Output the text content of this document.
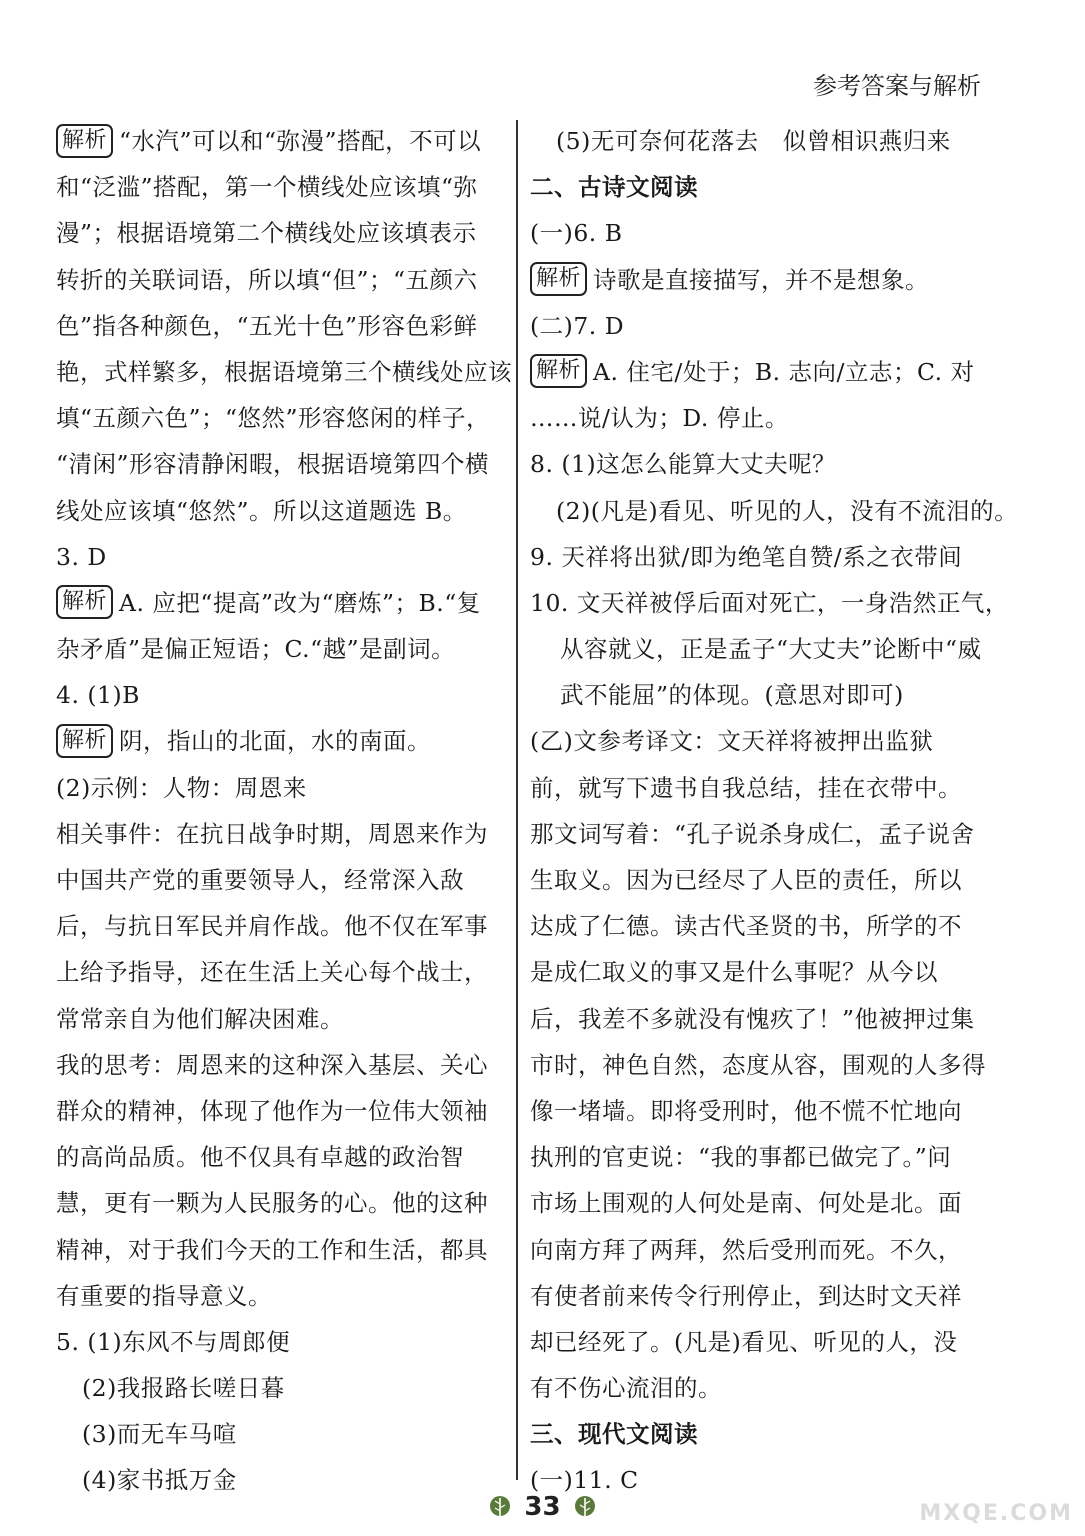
参考答案与解析
解析 “水汽”可以和“弥漫”搭配，不可以
和“泛滥”搭配，第一个横线处应该填“弥
漫”；根据语境第二个横线处应该填表示
转折的关联词语，所以填“但”；“五颜六
色”指各种颜色，“五光十色”形容色彩鲜
艳，式样繁多，根据语境第三个横线处应该
填“五颜六色”；“悠然”形容悠闲的样子，
“清闲”形容清静闲暇，根据语境第四个横
线处应该填“悠然”。所以这道题选 B。
3. D
解析 A. 应把“提高”改为“磨炼”；B.“复
杂矛盾”是偏正短语；C.“越”是副词。
4. (1)B
解析 阴，指山的北面，水的南面。
(2)示例：人物：周恩来
相关事件：在抗日战争时期，周恩来作为
中国共产党的重要领导人，经常深入敌
后，与抗日军民并肩作战。他不仅在军事
上给予指导，还在生活上关心每个战士，
常常亲自为他们解决困难。
我的思考：周恩来的这种深入基层、关心
群众的精神，体现了他作为一位伟大领袖
的高尚品质。他不仅具有卓越的政治智
慧，更有一颗为人民服务的心。他的这种
精神，对于我们今天的工作和生活，都具
有重要的指导意义。
5. (1)东风不与周郎便
(2)我报路长嗟日暮
(3)而无车马喧
(4)家书抵万金
(5)无可奈何花落去　似曾相识燕归来
二、古诗文阅读
(一)6. B
解析 诗歌是直接描写，并不是想象。
(二)7. D
解析 A. 住宅/处于；B. 志向/立志；C. 对
……说/认为；D. 停止。
8. (1)这怎么能算大丈夫呢？
(2)(凡是)看见、听见的人，没有不流泪的。
9. 天祥将出狱/即为绝笔自赞/系之衣带间
10. 文天祥被俘后面对死亡，一身浩然正气，
从容就义，正是孟子“大丈夫”论断中“威
武不能屈”的体现。(意思对即可)
(乙)文参考译文：文天祥将被押出监狱
前，就写下遗书自我总结，挂在衣带中。
那文词写着：“孔子说杀身成仁，孟子说舍
生取义。因为已经尽了人臣的责任，所以
达成了仁德。读古代圣贤的书，所学的不
是成仁取义的事又是什么事呢？从今以
后，我差不多就没有愧疚了！”他被押过集
市时，神色自然，态度从容，围观的人多得
像一堵墙。即将受刑时，他不慌不忙地向
执刑的官吏说：“我的事都已做完了。”问
市场上围观的人何处是南、何处是北。面
向南方拜了两拜，然后受刑而死。不久，
有使者前来传令行刑停止，到达时文天祥
却已经死了。(凡是)看见、听见的人，没
有不伤心流泪的。
三、现代文阅读
(一)11. C
33	MXQE.COM
